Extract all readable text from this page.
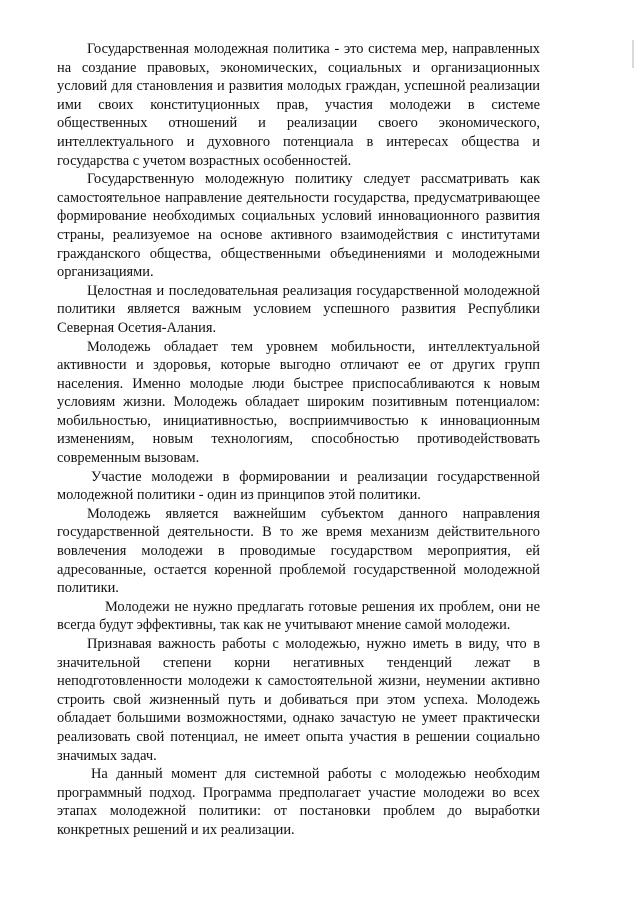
Государственная молодежная политика - это система мер, направленных на создание правовых, экономических, социальных и организационных условий для становления и развития молодых граждан, успешной реализации ими своих конституционных прав, участия молодежи в системе общественных отношений и реализации своего экономического, интеллектуального и духовного потенциала в интересах общества и государства с учетом возрастных особенностей.

Государственную молодежную политику следует рассматривать как самостоятельное направление деятельности государства, предусматривающее формирование необходимых социальных условий инновационного развития страны, реализуемое на основе активного взаимодействия с институтами гражданского общества, общественными объединениями и молодежными организациями.

Целостная и последовательная реализация государственной молодежной политики является важным условием успешного развития Республики Северная Осетия-Алания.

Молодежь обладает тем уровнем мобильности, интеллектуальной активности и здоровья, которые выгодно отличают ее от других групп населения. Именно молодые люди быстрее приспосабливаются к новым условиям жизни. Молодежь обладает широким позитивным потенциалом: мобильностью, инициативностью, восприимчивостью к инновационным изменениям, новым технологиям, способностью противодействовать современным вызовам.

Участие молодежи в формировании и реализации государственной молодежной политики - один из принципов этой политики.

Молодежь является важнейшим субъектом данного направления государственной деятельности. В то же время механизм действительного вовлечения молодежи в проводимые государством мероприятия, ей адресованные, остается коренной проблемой государственной молодежной политики.

Молодежи не нужно предлагать готовые решения их проблем, они не всегда будут эффективны, так как не учитывают мнение самой молодежи.

Признавая важность работы с молодежью, нужно иметь в виду, что в значительной степени корни негативных тенденций лежат в неподготовленности молодежи к самостоятельной жизни, неумении активно строить свой жизненный путь и добиваться при этом успеха. Молодежь обладает большими возможностями, однако зачастую не умеет практически реализовать свой потенциал, не имеет опыта участия в решении социально значимых задач.

На данный момент для системной работы с молодежью необходим программный подход. Программа предполагает участие молодежи во всех этапах молодежной политики: от постановки проблем до выработки конкретных решений и их реализации.
